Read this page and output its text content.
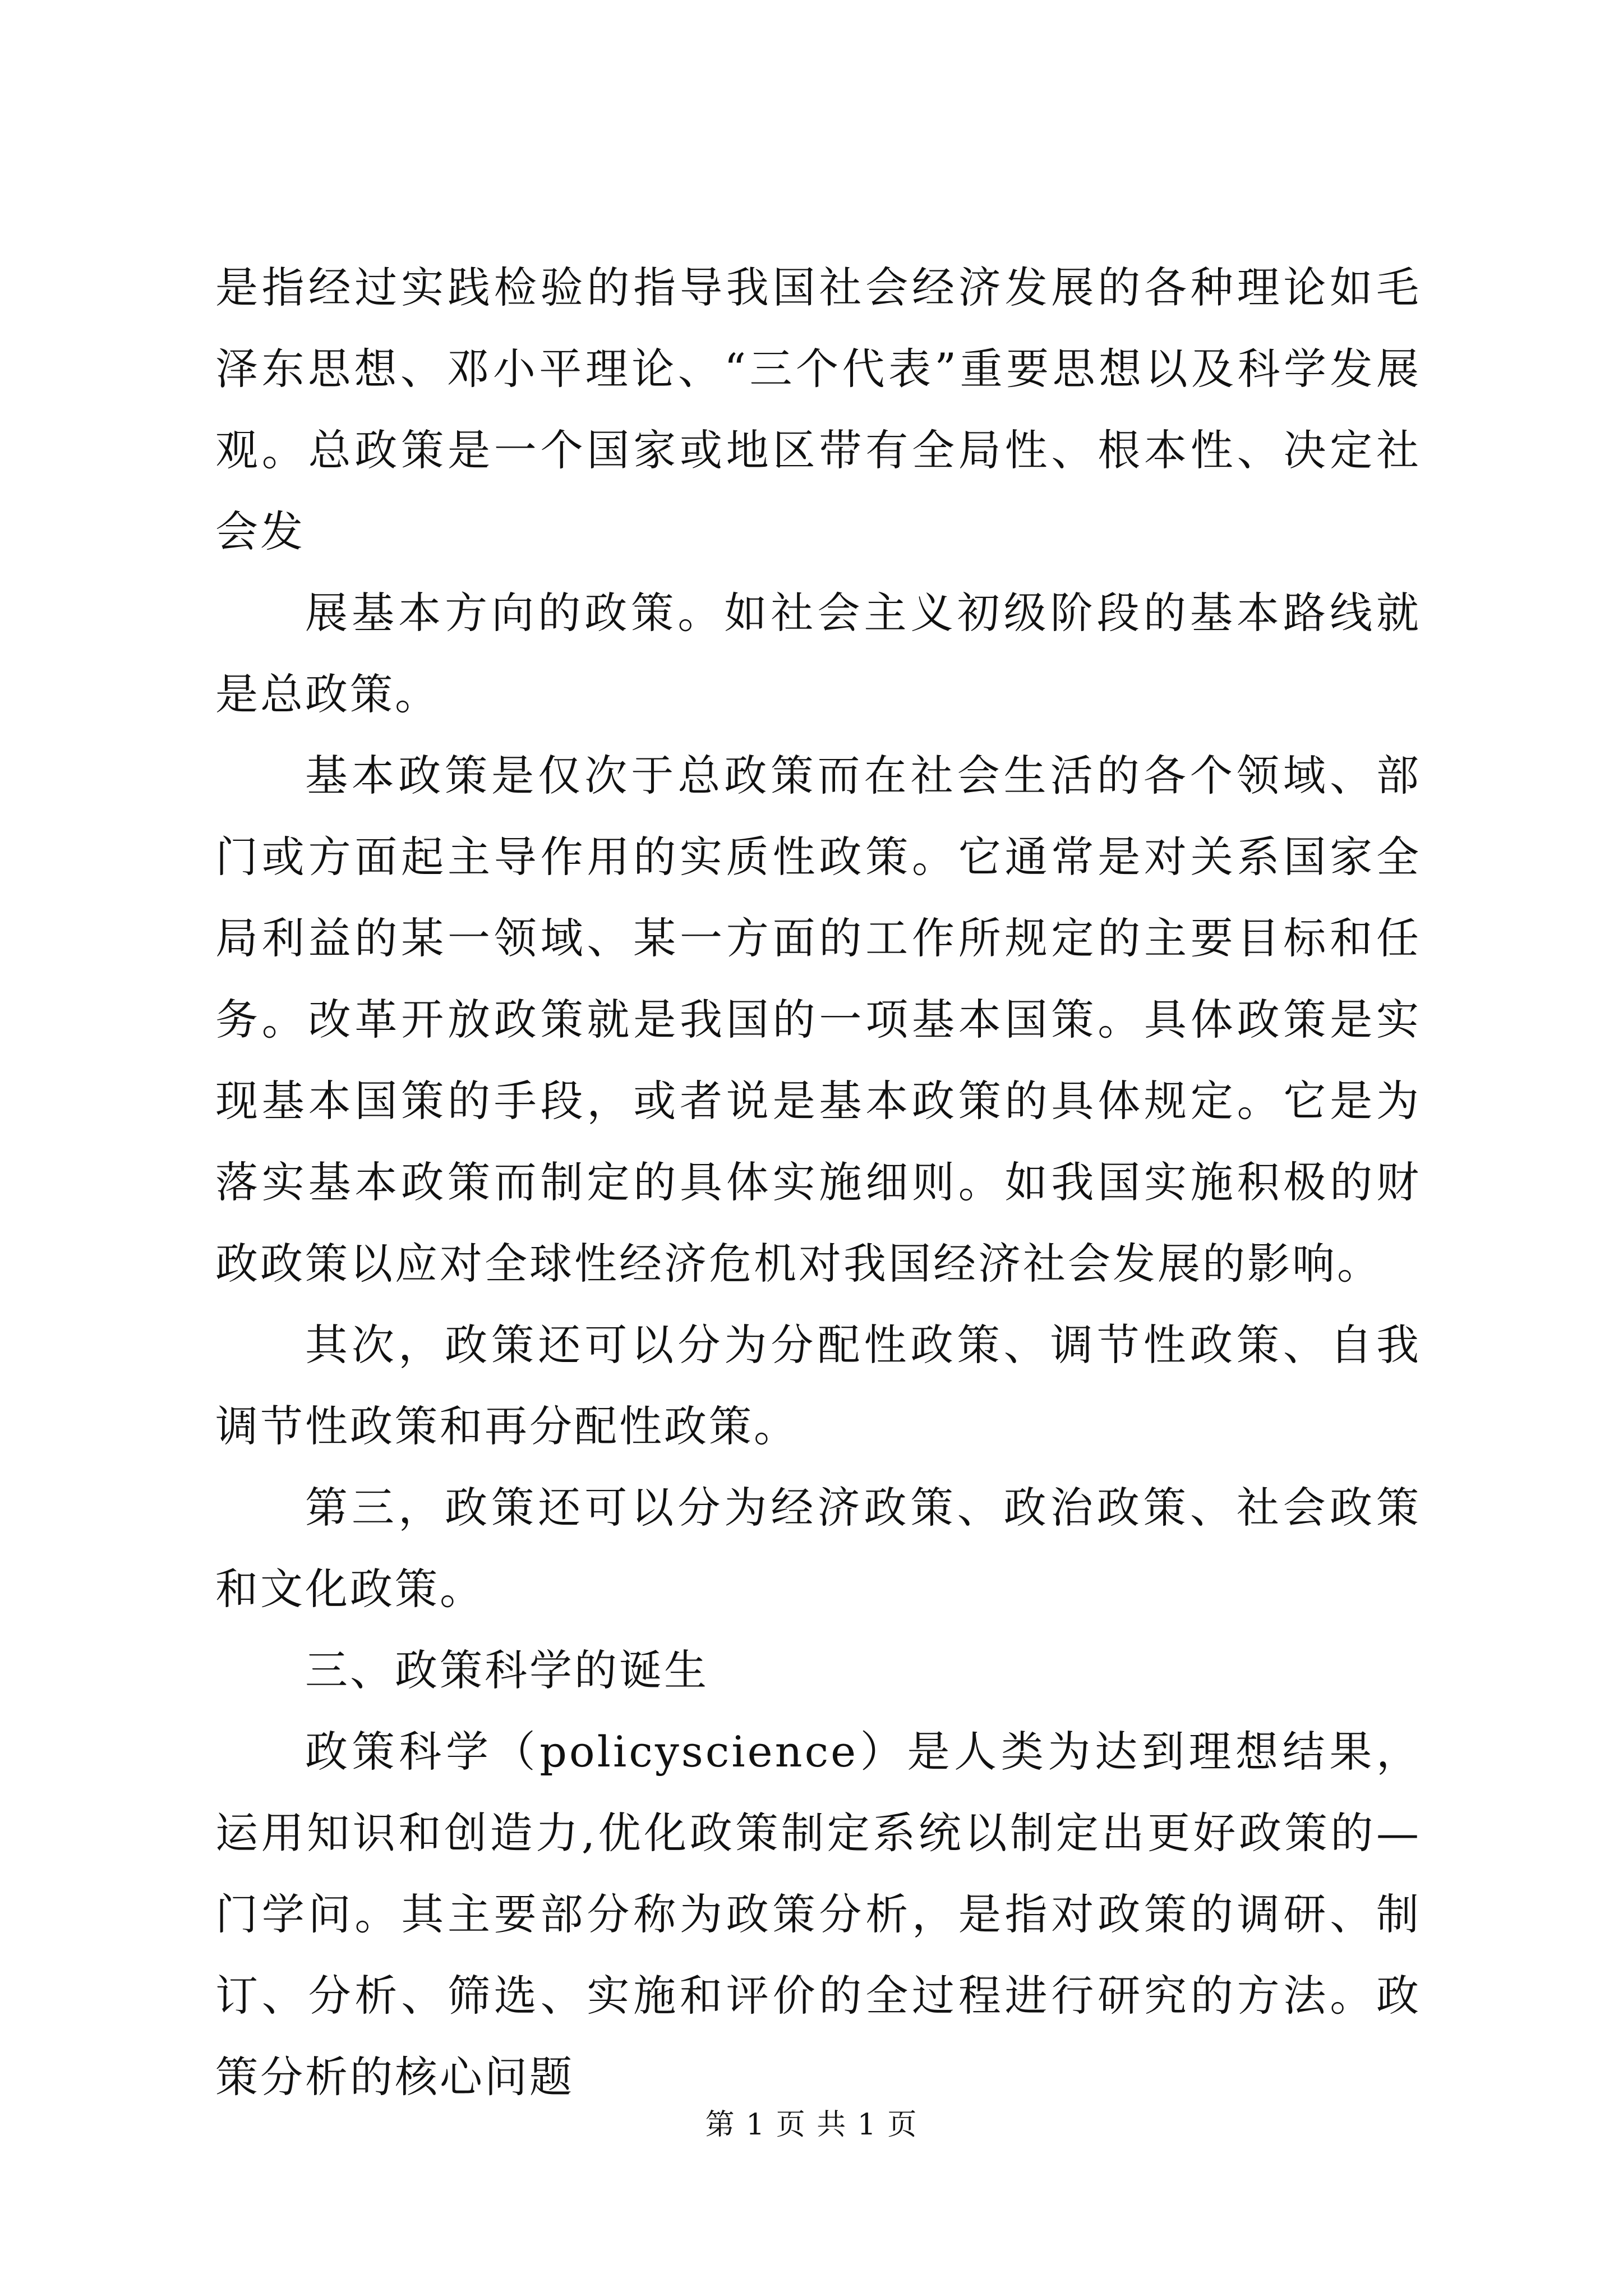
是指经过实践检验的指导我国社会经济发展的各种理论如毛泽东思想、邓小平理论、“三个代表”重要思想以及科学发展观。总政策是一个国家或地区带有全局性、根本性、决定社会发

展基本方向的政策。如社会主义初级阶段的基本路线就是总政策。

基本政策是仅次于总政策而在社会生活的各个领域、部门或方面起主导作用的实质性政策。它通常是对关系国家全局利益的某一领域、某一方面的工作所规定的主要目标和任务。改革开放政策就是我国的一项基本国策。具体政策是实现基本国策的手段，或者说是基本政策的具体规定。它是为落实基本政策而制定的具体实施细则。如我国实施积极的财政政策以应对全球性经济危机对我国经济社会发展的影响。

其次，政策还可以分为分配性政策、调节性政策、自我调节性政策和再分配性政策。

第三，政策还可以分为经济政策、政治政策、社会政策和文化政策。

三、政策科学的诞生

政策科学（policyscience）是人类为达到理想结果，运用知识和创造力,优化政策制定系统以制定出更好政策的—门学问。其主要部分称为政策分析，是指对政策的调研、制订、分析、筛选、实施和评价的全过程进行研究的方法。政策分析的核心问题

第 1 页 共 1 页
